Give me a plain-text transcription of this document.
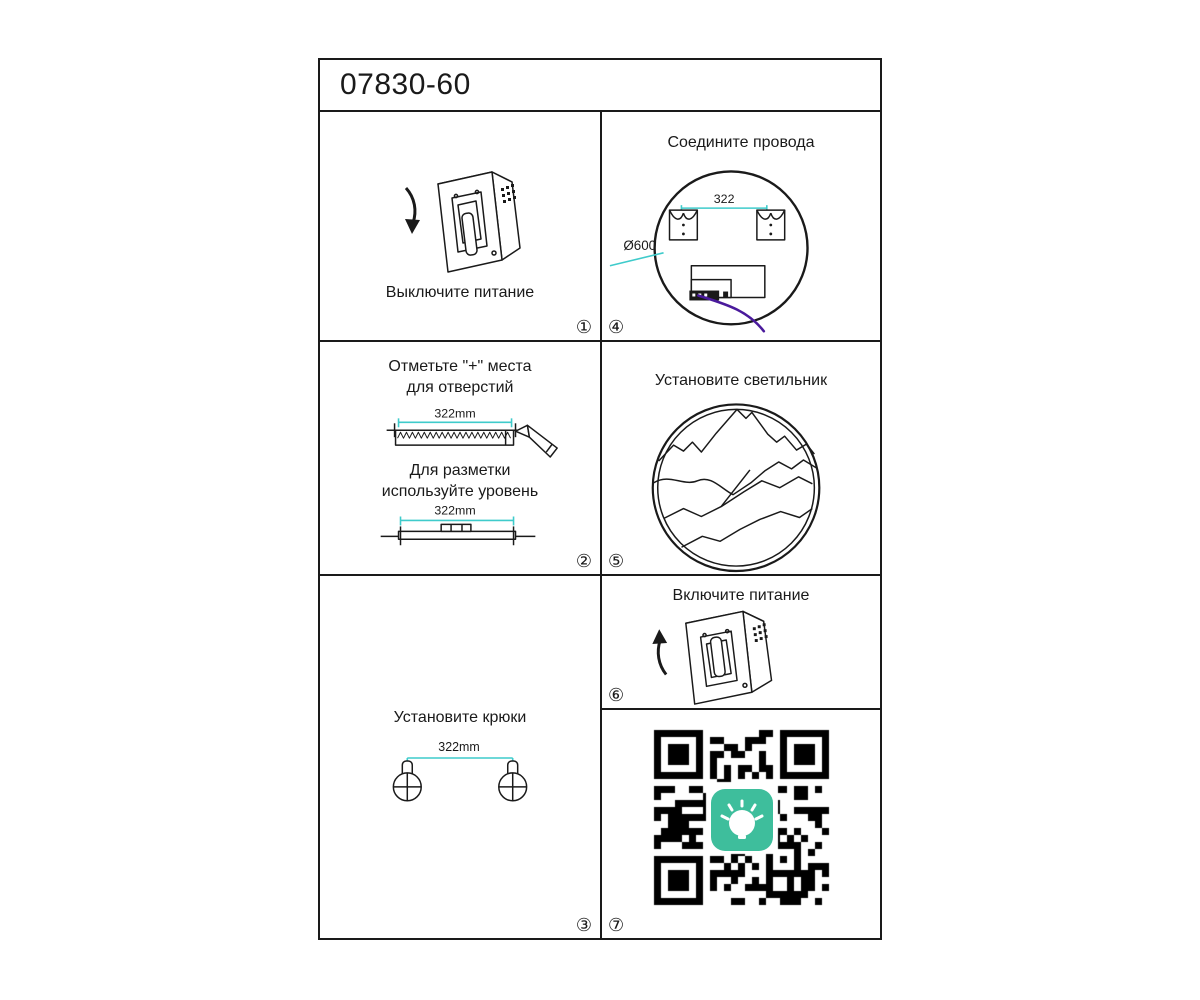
07830-60
Выключите питание
①
Соедините провода
322
Ø600
④
Отметьте "+" места
для отверстий
322mm
322mm
Для разметки
используйте уровень
②
Установите светильник
⑤
Установите крюки
322mm
③
Включите питание
⑥
⑦
